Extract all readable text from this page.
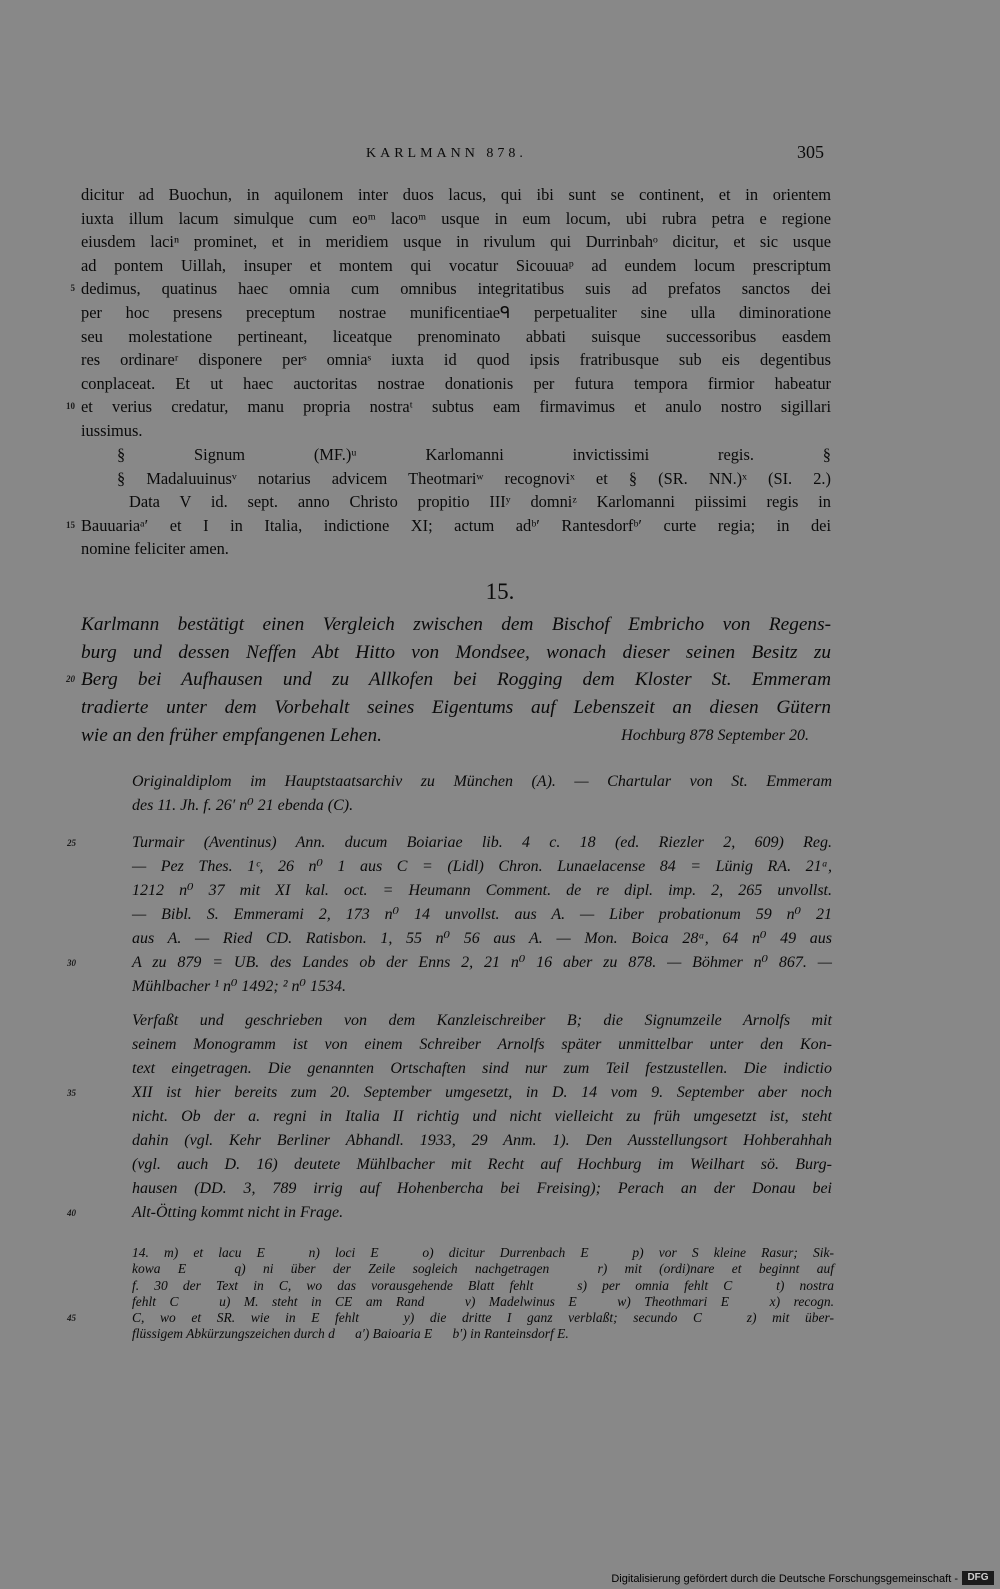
KARLMANN 878.	305
dicitur ad Buochun, in aquilonem inter duos lacus, qui ibi sunt se continent, et in orientem
iuxta illum lacum simulque cum eoᵐ lacoᵐ usque in eum locum, ubi rubra petra e regione
eiusdem laciⁿ prominet, et in meridiem usque in rivulum qui Durrinbahᵒ dicitur, et sic usque
ad pontem Uillah, insuper et montem qui vocatur Sicouuaᵖ ad eundem locum prescriptum
5 dedimus, quatinus haec omnia cum omnibus integritatibus suis ad prefatos sanctos dei
per hoc presens preceptum nostrae munificentiaeᑫ perpetualiter sine ulla diminoratione
seu molestatione pertineant, liceatque prenominato abbati suisque successoribus easdem
res ordinareʳ disponere perˢ omniaˢ iuxta id quod ipsis fratribusque sub eis degentibus
conplaceat. Et ut haec auctoritas nostrae donationis per futura tempora firmior habeatur
10 et verius credatur, manu propria nostraᵗ subtus eam firmavimus et anulo nostro sigillari
iussimus.
§ Signum (MF.)ᵘ Karlomanni invictissimi regis. §
§ Madaluuinusᵛ notarius advicem Theotmariʷ recognoviˣ et § (SR. NN.)ˣ (SI. 2.)
Data V id. sept. anno Christo propitio IIIʸ domniᶻ Karlomanni piissimi regis in
15 Bauuariaᵃ′ et I in Italia, indictione XI; actum adᵇ′ Rantesdorfᵇ′ curte regia; in dei
nomine feliciter amen.
15.
Karlmann bestätigt einen Vergleich zwischen dem Bischof Embricho von Regens-
burg und dessen Neffen Abt Hitto von Mondsee, wonach dieser seinen Besitz zu
20 Berg bei Aufhausen und zu Allkofen bei Rogging dem Kloster St. Emmeram
tradierte unter dem Vorbehalt seines Eigentums auf Lebenszeit an diesen Gütern
wie an den früher empfangenen Lehen.	Hochburg 878 September 20.
Originaldiplom im Hauptstaatsarchiv zu München (A). — Chartular von St. Emmeram
des 11. Jh. f. 26′ n⁰ 21 ebenda (C).
25	Turmair (Aventinus) Ann. ducum Boiariae lib. 4 c. 18 (ed. Riezler 2, 609) Reg.
— Pez Thes. 1ᶜ, 26 n⁰ 1 aus C = (Lidl) Chron. Lunaelacense 84 = Lünig RA. 21ᵃ,
1212 n⁰ 37 mit XI kal. oct. = Heumann Comment. de re dipl. imp. 2, 265 unvollst.
— Bibl. S. Emmerami 2, 173 n⁰ 14 unvollst. aus A. — Liber probationum 59 n⁰ 21
aus A. — Ried CD. Ratisbon. 1, 55 n⁰ 56 aus A. — Mon. Boica 28ᵃ, 64 n⁰ 49 aus
30	A zu 879 = UB. des Landes ob der Enns 2, 21 n⁰ 16 aber zu 878. — Böhmer n⁰ 867. —
Mühlbacher ¹ n⁰ 1492; ² n⁰ 1534.
Verfaßt und geschrieben von dem Kanzleischreiber B; die Signumzeile Arnolfs mit
seinem Monogramm ist von einem Schreiber Arnolfs später unmittelbar unter den Kon-
text eingetragen. Die genannten Ortschaften sind nur zum Teil festzustellen. Die indictio
35	XII ist hier bereits zum 20. September umgesetzt, in D. 14 vom 9. September aber noch
nicht. Ob der a. regni in Italia II richtig und nicht vielleicht zu früh umgesetzt ist, steht
dahin (vgl. Kehr Berliner Abhandl. 1933, 29 Anm. 1). Den Ausstellungsort Hohberahhah
(vgl. auch D. 16) deutete Mühlbacher mit Recht auf Hochburg im Weilhart sö. Burg-
hausen (DD. 3, 789 irrig auf Hohenbercha bei Freising); Perach an der Donau bei
40	Alt-Ötting kommt nicht in Frage.
14. m) et lacu E   n) loci E   o) dicitur Durrenbach E   p) vor S kleine Rasur; Sik-
kowa E   q) ni über der Zeile sogleich nachgetragen   r) mit (ordi)nare et beginnt auf
f. 30 der Text in C, wo das vorausgehende Blatt fehlt   s) per omnia fehlt C   t) nostra
fehlt C   u) M. steht in CE am Rand   v) Madelwinus E   w) Theothmari E   x) recogn.
45	C, wo et SR. wie in E fehlt   y) die dritte I ganz verblaßt; secundo C   z) mit über-
flüssigem Abkürzungszeichen durch d   a′) Baioaria E   b′) in Ranteinsdorf E.
Digitalisierung gefördert durch die Deutsche Forschungsgemeinschaft - DFG
